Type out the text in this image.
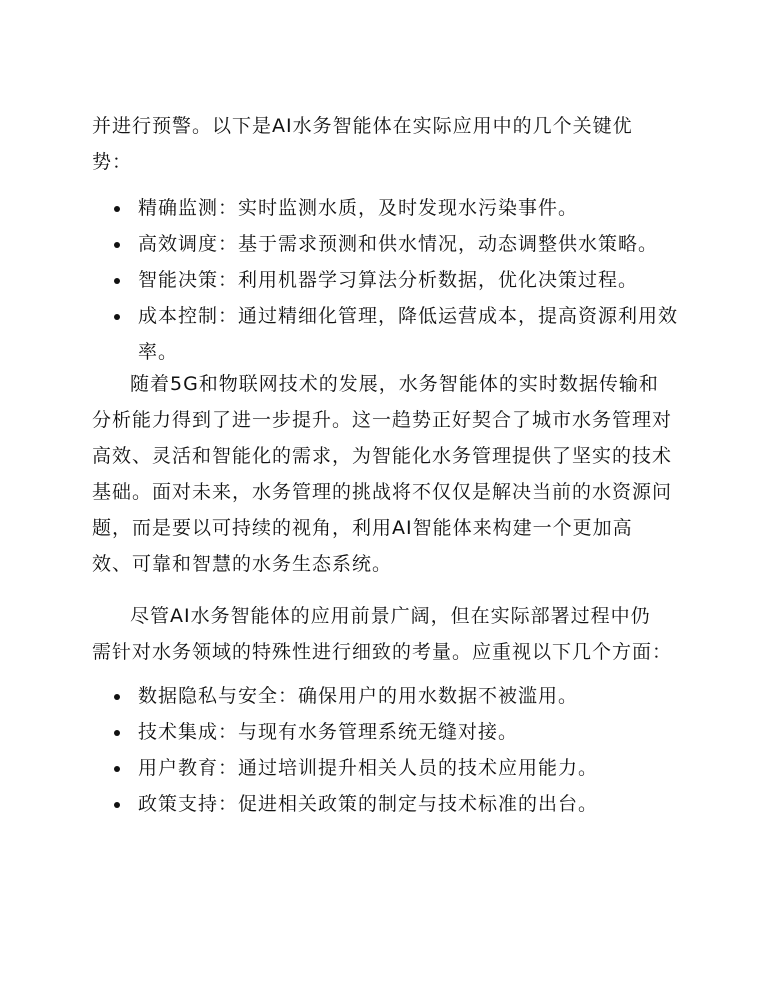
并进行预警。以下是AI水务智能体在实际应用中的几个关键优
势：

精确监测：实时监测水质，及时发现水污染事件。
高效调度：基于需求预测和供水情况，动态调整供水策略。
智能决策：利用机器学习算法分析数据，优化决策过程。
成本控制：通过精细化管理，降低运营成本，提高资源利用效
率。

随着5G和物联网技术的发展，水务智能体的实时数据传输和
分析能力得到了进一步提升。这一趋势正好契合了城市水务管理对
高效、灵活和智能化的需求，为智能化水务管理提供了坚实的技术
基础。面对未来，水务管理的挑战将不仅仅是解决当前的水资源问
题，而是要以可持续的视角，利用AI智能体来构建一个更加高
效、可靠和智慧的水务生态系统。

尽管AI水务智能体的应用前景广阔，但在实际部署过程中仍
需针对水务领域的特殊性进行细致的考量。应重视以下几个方面：

数据隐私与安全：确保用户的用水数据不被滥用。
技术集成：与现有水务管理系统无缝对接。
用户教育：通过培训提升相关人员的技术应用能力。
政策支持：促进相关政策的制定与技术标准的出台。
